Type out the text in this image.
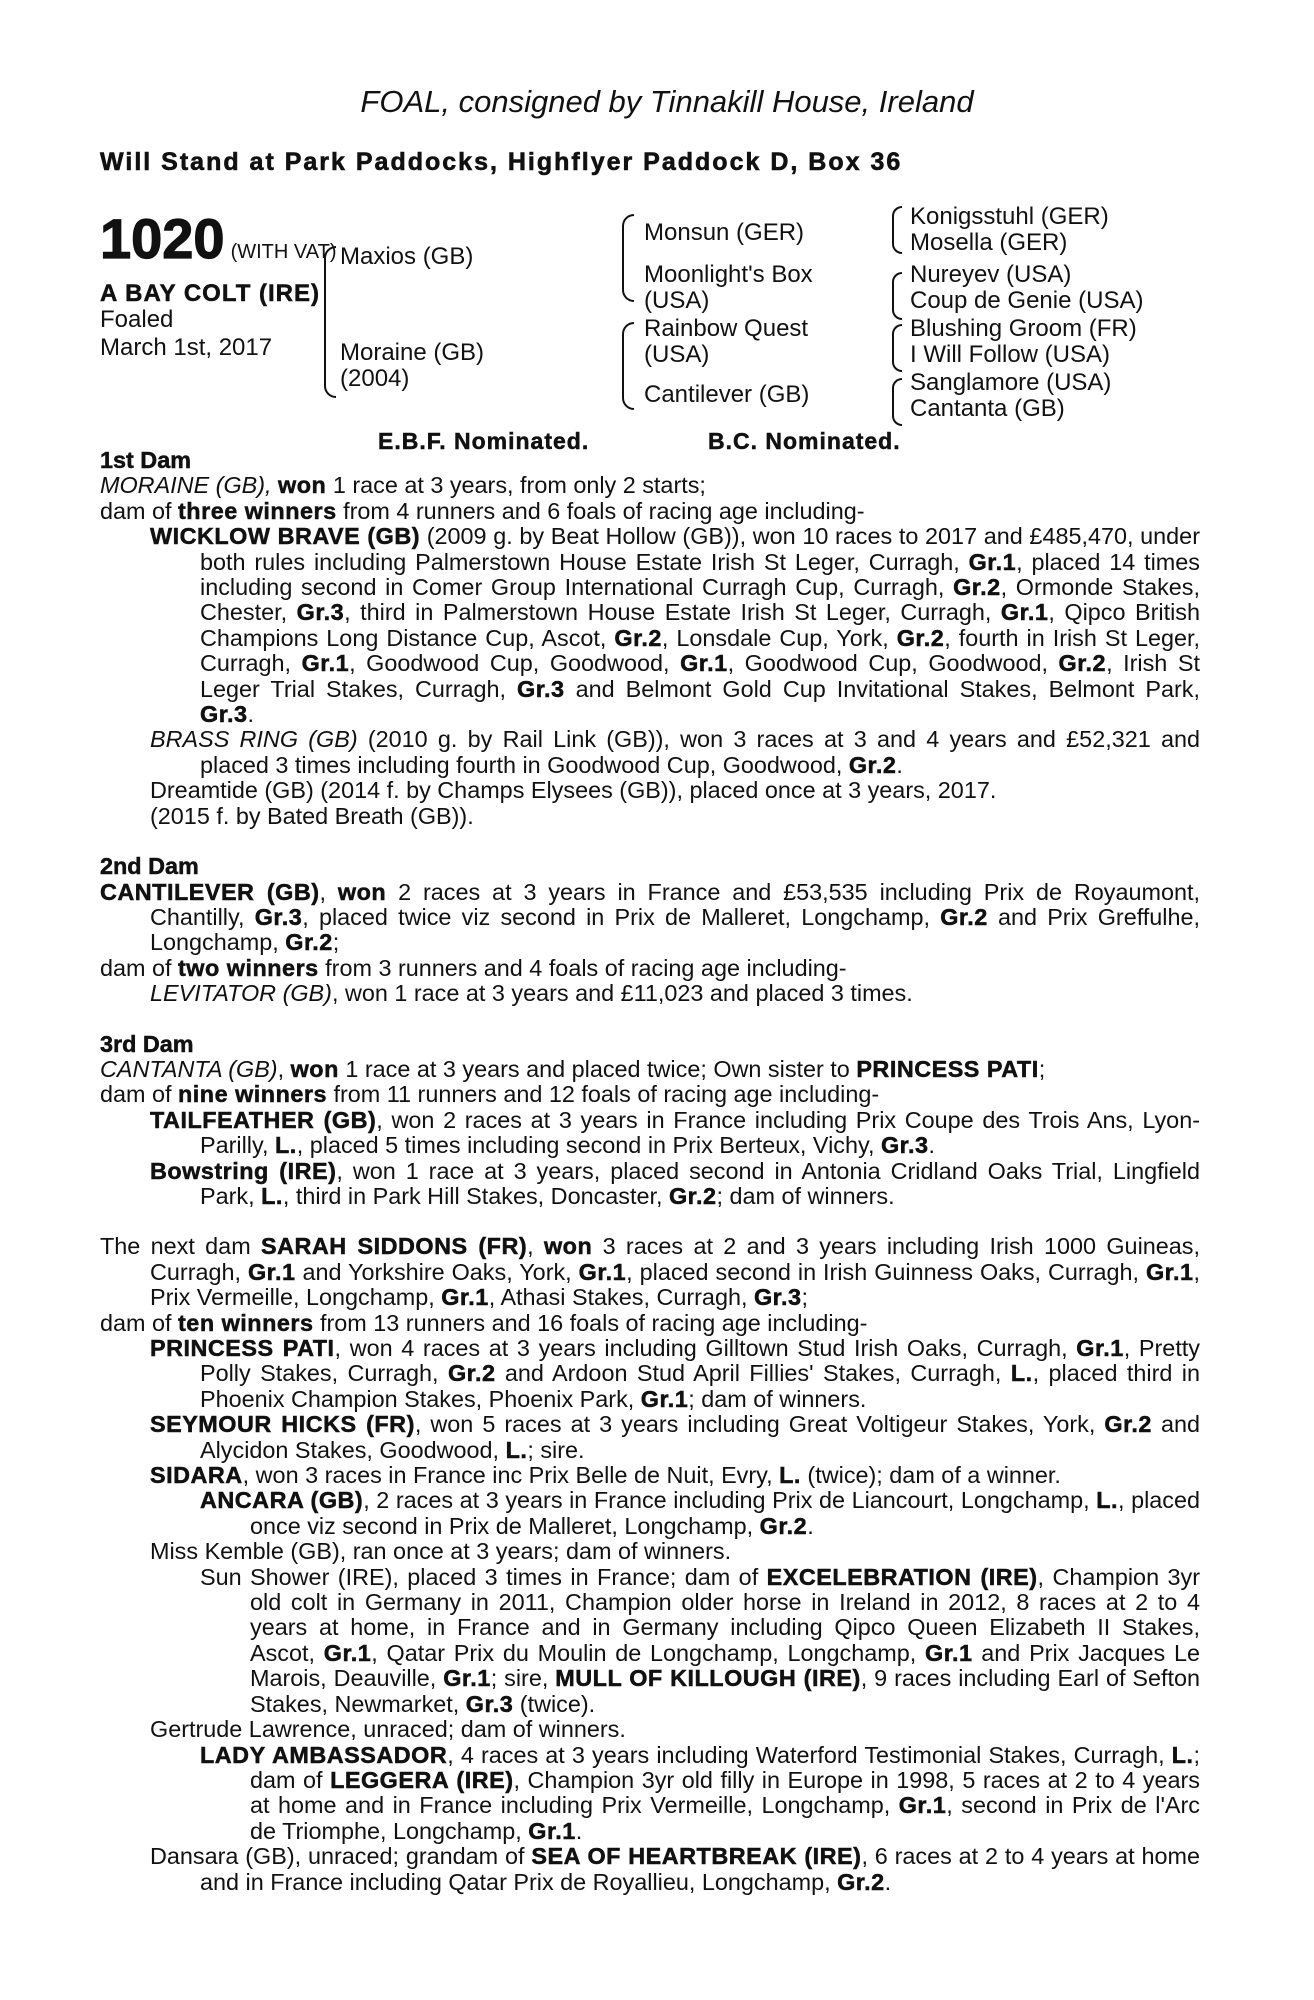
FOAL, consigned by Tinnakill House, Ireland
Will Stand at Park Paddocks, Highflyer Paddock D, Box 36
1020 (WITH VAT)
A BAY COLT (IRE)
Foaled
March 1st, 2017
Maxios (GB)
Moraine (GB)
(2004)
Monsun (GER)
Moonlight's Box
(USA)
Rainbow Quest
(USA)
Cantilever (GB)
Konigsstuhl (GER)
Mosella (GER)
Nureyev (USA)
Coup de Genie (USA)
Blushing Groom (FR)
I Will Follow (USA)
Sanglamore (USA)
Cantanta (GB)
E.B.F. Nominated.	B.C. Nominated.
1st Dam
MORAINE (GB), won 1 race at 3 years, from only 2 starts;
dam of three winners from 4 runners and 6 foals of racing age including-
WICKLOW BRAVE (GB) (2009 g. by Beat Hollow (GB)), won 10 races to 2017 and £485,470, under both rules including Palmerstown House Estate Irish St Leger, Curragh, Gr.1, placed 14 times including second in Comer Group International Curragh Cup, Curragh, Gr.2, Ormonde Stakes, Chester, Gr.3, third in Palmerstown House Estate Irish St Leger, Curragh, Gr.1, Qipco British Champions Long Distance Cup, Ascot, Gr.2, Lonsdale Cup, York, Gr.2, fourth in Irish St Leger, Curragh, Gr.1, Goodwood Cup, Goodwood, Gr.1, Goodwood Cup, Goodwood, Gr.2, Irish St Leger Trial Stakes, Curragh, Gr.3 and Belmont Gold Cup Invitational Stakes, Belmont Park, Gr.3.
BRASS RING (GB) (2010 g. by Rail Link (GB)), won 3 races at 3 and 4 years and £52,321 and placed 3 times including fourth in Goodwood Cup, Goodwood, Gr.2.
Dreamtide (GB) (2014 f. by Champs Elysees (GB)), placed once at 3 years, 2017.
(2015 f. by Bated Breath (GB)).
2nd Dam
CANTILEVER (GB), won 2 races at 3 years in France and £53,535 including Prix de Royaumont, Chantilly, Gr.3, placed twice viz second in Prix de Malleret, Longchamp, Gr.2 and Prix Greffulhe, Longchamp, Gr.2;
dam of two winners from 3 runners and 4 foals of racing age including-
LEVITATOR (GB), won 1 race at 3 years and £11,023 and placed 3 times.
3rd Dam
CANTANTA (GB), won 1 race at 3 years and placed twice; Own sister to PRINCESS PATI;
dam of nine winners from 11 runners and 12 foals of racing age including-
TAILFEATHER (GB), won 2 races at 3 years in France including Prix Coupe des Trois Ans, Lyon-Parilly, L., placed 5 times including second in Prix Berteux, Vichy, Gr.3.
Bowstring (IRE), won 1 race at 3 years, placed second in Antonia Cridland Oaks Trial, Lingfield Park, L., third in Park Hill Stakes, Doncaster, Gr.2; dam of winners.
The next dam SARAH SIDDONS (FR), won 3 races at 2 and 3 years including Irish 1000 Guineas, Curragh, Gr.1 and Yorkshire Oaks, York, Gr.1, placed second in Irish Guinness Oaks, Curragh, Gr.1, Prix Vermeille, Longchamp, Gr.1, Athasi Stakes, Curragh, Gr.3;
dam of ten winners from 13 runners and 16 foals of racing age including-
PRINCESS PATI, won 4 races at 3 years including Gilltown Stud Irish Oaks, Curragh, Gr.1, Pretty Polly Stakes, Curragh, Gr.2 and Ardoon Stud April Fillies' Stakes, Curragh, L., placed third in Phoenix Champion Stakes, Phoenix Park, Gr.1; dam of winners.
SEYMOUR HICKS (FR), won 5 races at 3 years including Great Voltigeur Stakes, York, Gr.2 and Alycidon Stakes, Goodwood, L.; sire.
SIDARA, won 3 races in France inc Prix Belle de Nuit, Evry, L. (twice); dam of a winner.
ANCARA (GB), 2 races at 3 years in France including Prix de Liancourt, Longchamp, L., placed once viz second in Prix de Malleret, Longchamp, Gr.2.
Miss Kemble (GB), ran once at 3 years; dam of winners.
Sun Shower (IRE), placed 3 times in France; dam of EXCELEBRATION (IRE), Champion 3yr old colt in Germany in 2011, Champion older horse in Ireland in 2012, 8 races at 2 to 4 years at home, in France and in Germany including Qipco Queen Elizabeth II Stakes, Ascot, Gr.1, Qatar Prix du Moulin de Longchamp, Longchamp, Gr.1 and Prix Jacques Le Marois, Deauville, Gr.1; sire, MULL OF KILLOUGH (IRE), 9 races including Earl of Sefton Stakes, Newmarket, Gr.3 (twice).
Gertrude Lawrence, unraced; dam of winners.
LADY AMBASSADOR, 4 races at 3 years including Waterford Testimonial Stakes, Curragh, L.; dam of LEGGERA (IRE), Champion 3yr old filly in Europe in 1998, 5 races at 2 to 4 years at home and in France including Prix Vermeille, Longchamp, Gr.1, second in Prix de l'Arc de Triomphe, Longchamp, Gr.1.
Dansara (GB), unraced; grandam of SEA OF HEARTBREAK (IRE), 6 races at 2 to 4 years at home and in France including Qatar Prix de Royallieu, Longchamp, Gr.2.
